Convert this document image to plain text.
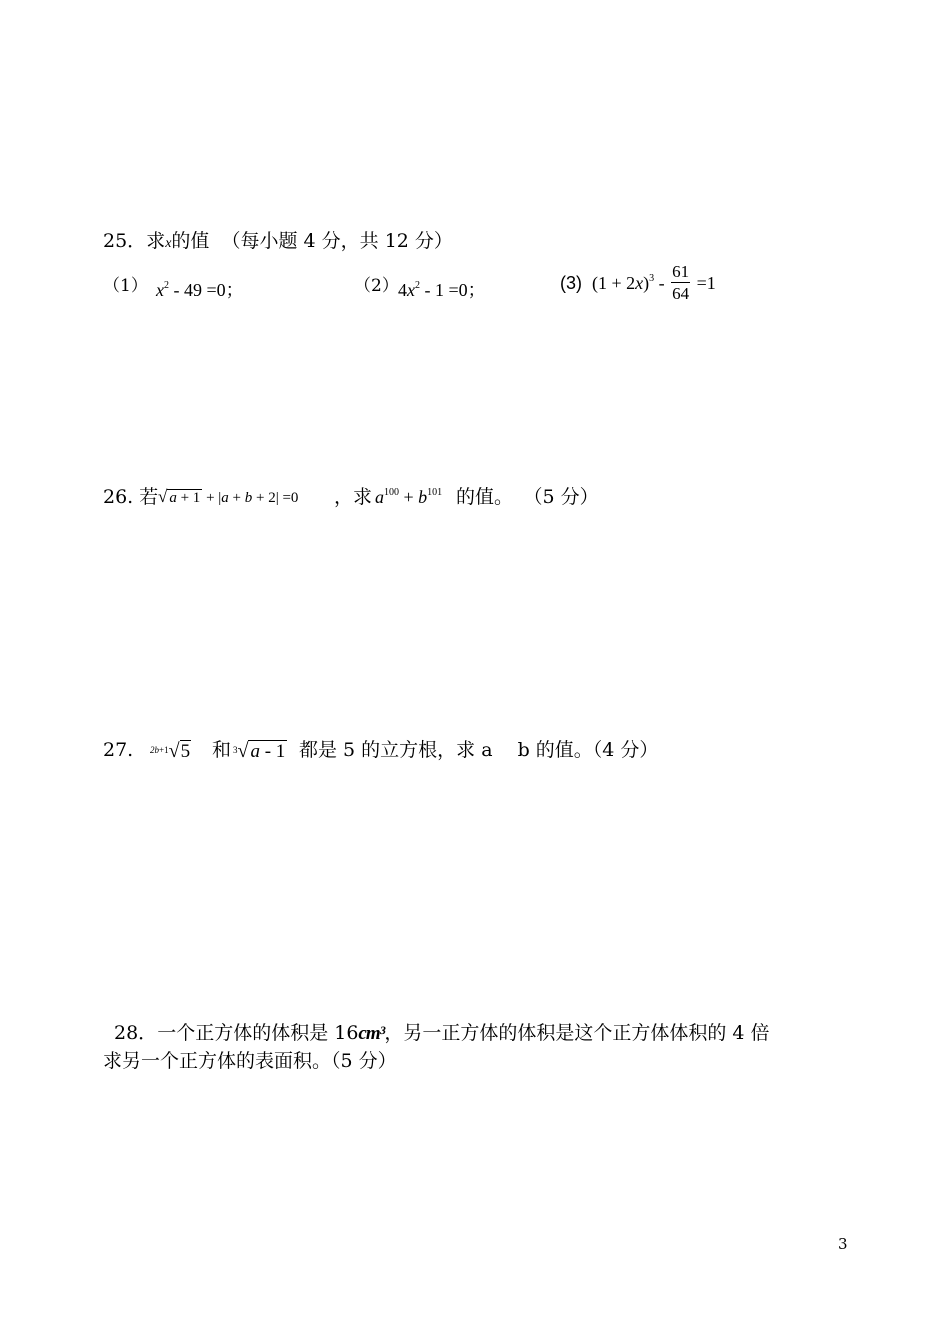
25．求x的值 （每小题 4 分，共 12 分）
（1） $x^2 - 49 =0$；	（2） $4x^2 - 1 =0$；	(3) $(1 + 2x)^3 - \frac{61}{64} =1$
26. 若 √ a + 1 + |a + b + 2| =0 ，求 $a^{100} + b^{101}$ 的值。 （5 分）
27. $^{2b+1}$√5 和 $^3$√ a - 1 都是 5 的立方根，求 a　 b 的值。（4 分）
28．一个正方体的体积是 16cm³，另一正方体的体积是这个正方体体积的 4 倍
求另一个正方体的表面积。（5 分）
3
